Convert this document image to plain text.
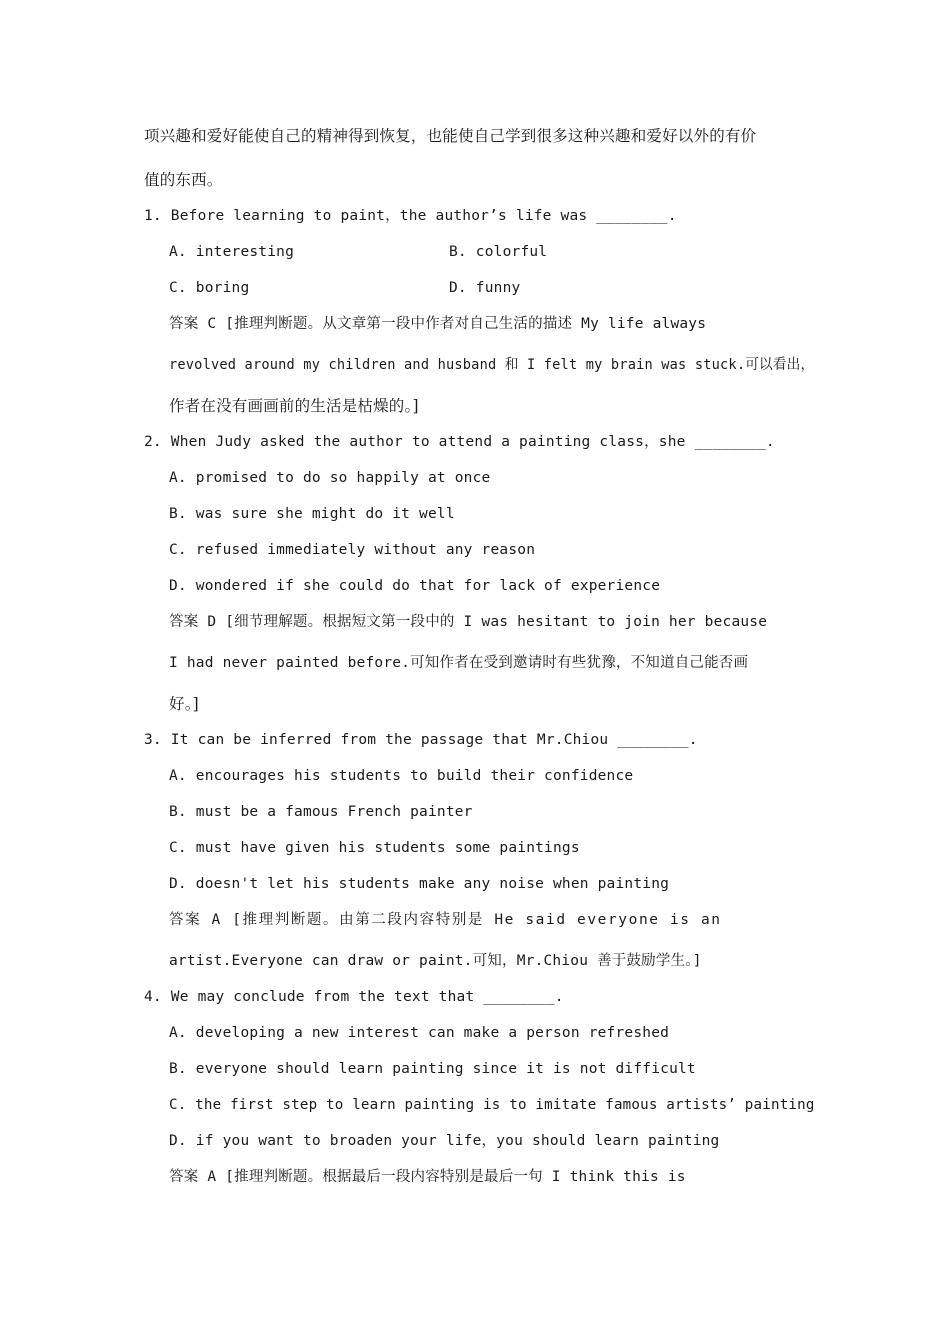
项兴趣和爱好能使自己的精神得到恢复，也能使自己学到很多这种兴趣和爱好以外的有价
值的东西。
1. Before learning to paint，the author’s life was ________.
A. interesting	B. colorful
C. boring	D. funny
答案 C [推理判断题。从文章第一段中作者对自己生活的描述 My life always
revolved around my children and husband 和 I felt my brain was stuck.可以看出，
作者在没有画画前的生活是枯燥的。]
2. When Judy asked the author to attend a painting class，she ________.
A. promised to do so happily at once
B. was sure she might do it well
C. refused immediately without any reason
D. wondered if she could do that for lack of experience
答案 D [细节理解题。根据短文第一段中的 I was hesitant to join her because
I had never painted before.可知作者在受到邀请时有些犹豫，不知道自己能否画
好。]
3. It can be inferred from the passage that Mr.Chiou ________.
A. encourages his students to build their confidence
B. must be a famous French painter
C. must have given his students some paintings
D. doesn't let his students make any noise when painting
答案 A [推理判断题。由第二段内容特别是 He said everyone is an
artist.Everyone can draw or paint.可知，Mr.Chiou 善于鼓励学生。]
4. We may conclude from the text that ________.
A. developing a new interest can make a person refreshed
B. everyone should learn painting since it is not difficult
C. the first step to learn painting is to imitate famous artists’ painting
D. if you want to broaden your life，you should learn painting
答案 A [推理判断题。根据最后一段内容特别是最后一句 I think this is
